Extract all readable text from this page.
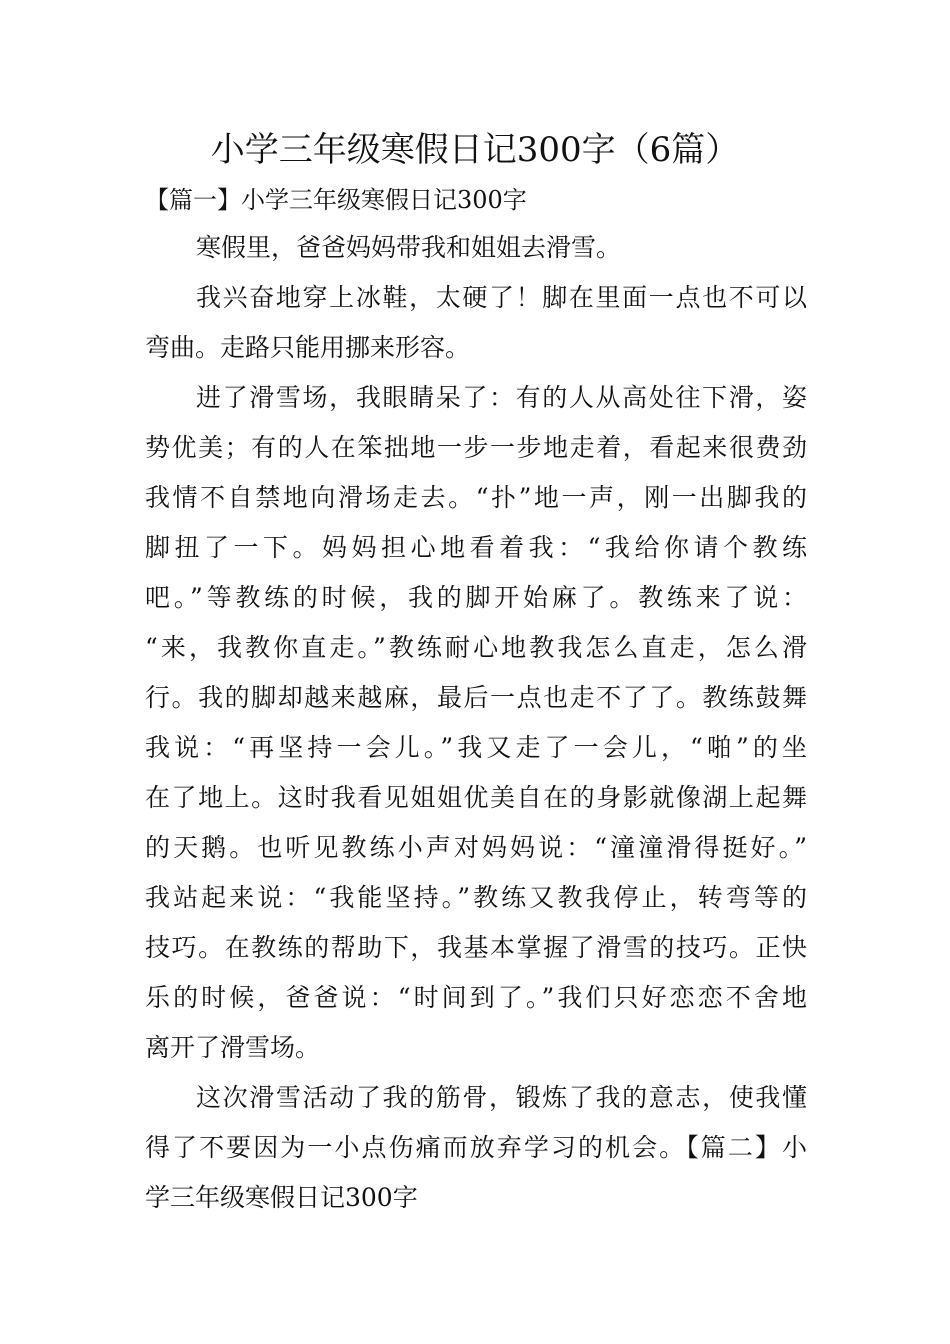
小学三年级寒假日记300字（6篇）
【篇一】小学三年级寒假日记300字
寒假里，爸爸妈妈带我和姐姐去滑雪。
我兴奋地穿上冰鞋，太硬了！脚在里面一点也不可以
弯曲。走路只能用挪来形容。
进了滑雪场，我眼睛呆了：有的人从高处往下滑，姿
势优美；有的人在笨拙地一步一步地走着，看起来很费劲
我情不自禁地向滑场走去。“扑”地一声，刚一出脚我的
脚扭了一下。妈妈担心地看着我：“我给你请个教练
吧。”等教练的时候，我的脚开始麻了。教练来了说：
“来，我教你直走。”教练耐心地教我怎么直走，怎么滑
行。我的脚却越来越麻，最后一点也走不了了。教练鼓舞
我说：“再坚持一会儿。”我又走了一会儿，“啪”的坐
在了地上。这时我看见姐姐优美自在的身影就像湖上起舞
的天鹅。也听见教练小声对妈妈说：“潼潼滑得挺好。”
我站起来说：“我能坚持。”教练又教我停止，转弯等的
技巧。在教练的帮助下，我基本掌握了滑雪的技巧。正快
乐的时候，爸爸说：“时间到了。”我们只好恋恋不舍地
离开了滑雪场。
这次滑雪活动了我的筋骨，锻炼了我的意志，使我懂
得了不要因为一小点伤痛而放弃学习的机会。【篇二】小
学三年级寒假日记300字
